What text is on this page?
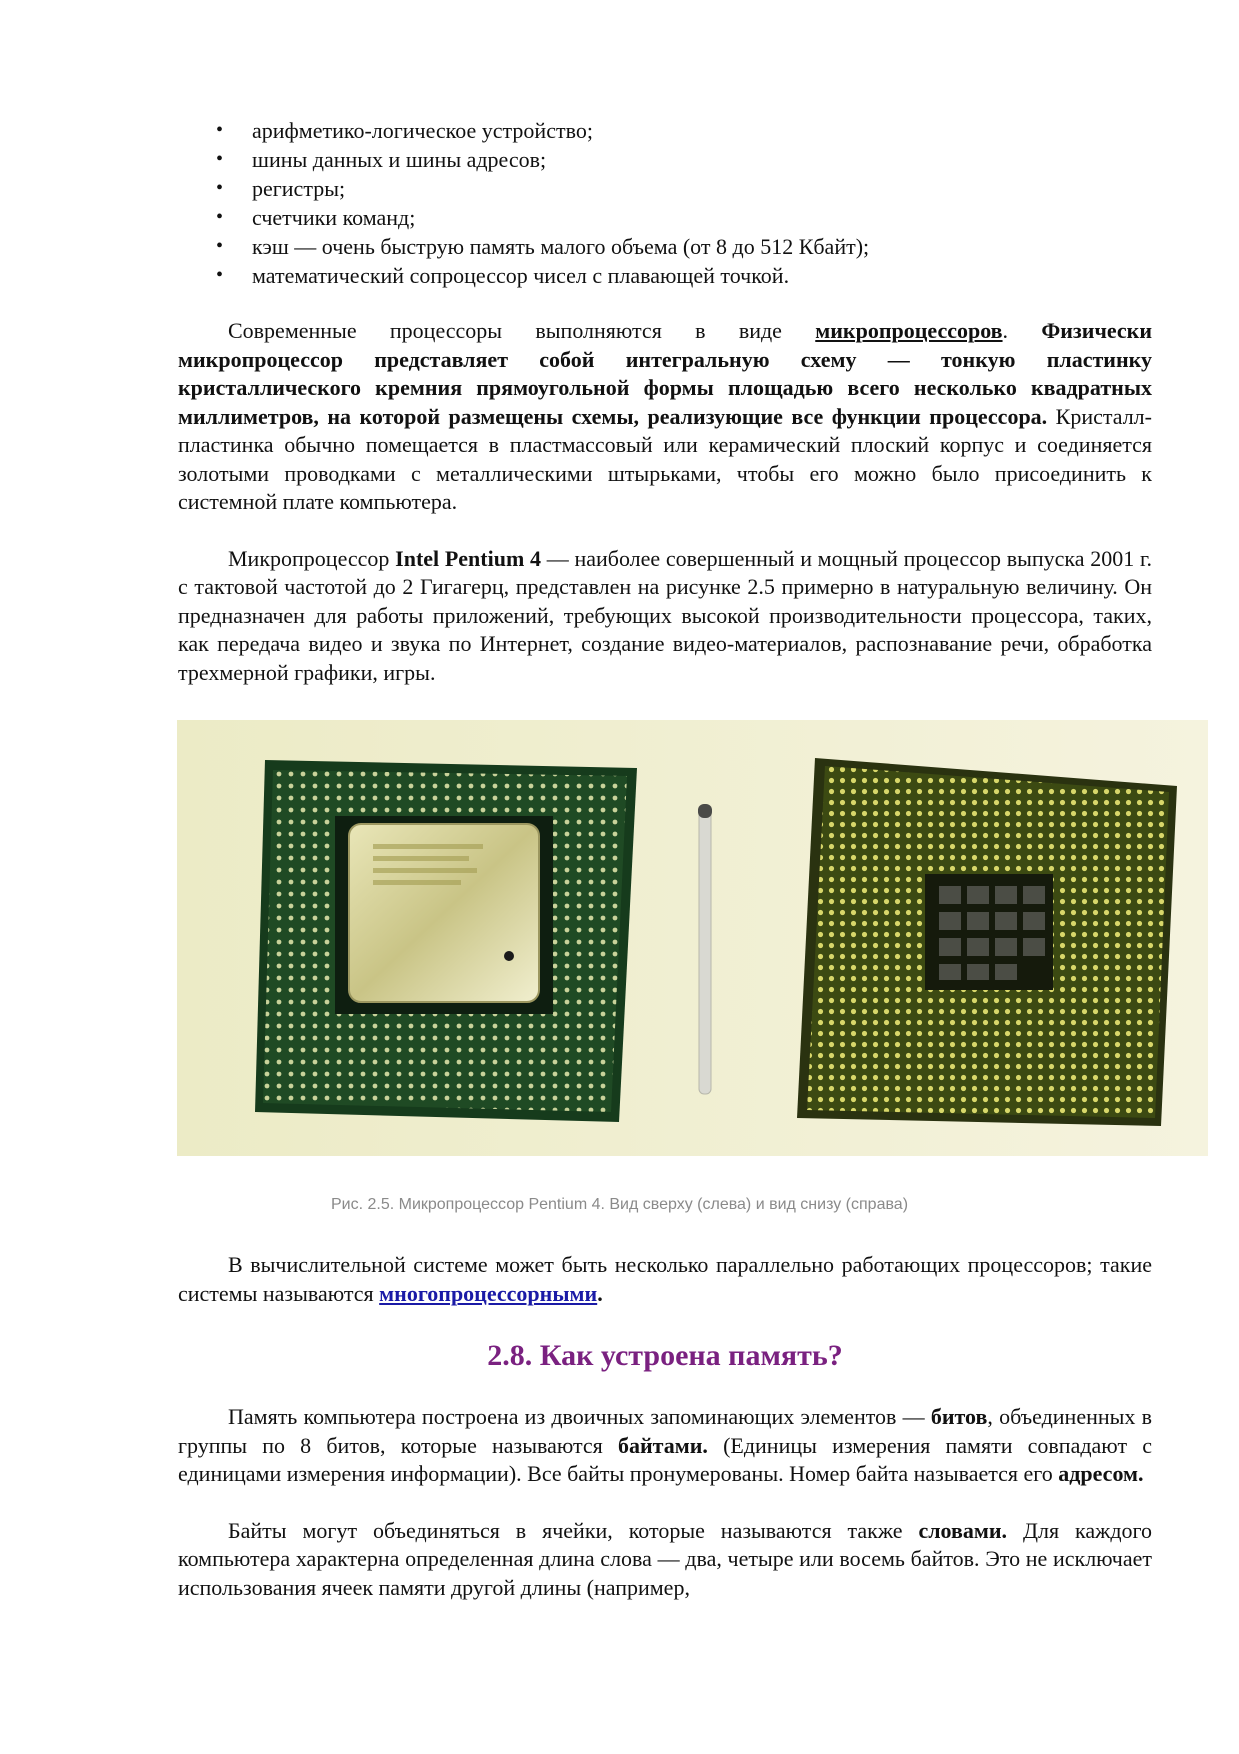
• арифметико-логическое устройство;
• шины данных и шины адресов;
• регистры;
• счетчики команд;
• кэш — очень быструю память малого объема (от 8 до 512 Кбайт);
• математический сопроцессор чисел с плавающей точкой.

Современные процессоры выполняются в виде микропроцессоров. Физически микропроцессор представляет собой интегральную схему — тонкую пластинку кристаллического кремния прямоугольной формы площадью всего несколько квадратных миллиметров, на которой размещены схемы, реализующие все функции процессора. Кристалл-пластинка обычно помещается в пластмассовый или керамический плоский корпус и соединяется золотыми проводками с металлическими штырьками, чтобы его можно было присоединить к системной плате компьютера.

Микропроцессор Intel Pentium 4 — наиболее совершенный и мощный процессор выпуска 2001 г. с тактовой частотой до 2 Гигагерц, представлен на рисунке 2.5 примерно в натуральную величину. Он предназначен для работы приложений, требующих высокой производительности процессора, таких, как передача видео и звука по Интернет, создание видео-материалов, распознавание речи, обработка трехмерной графики, игры.

Рис. 2.5. Микропроцессор Pentium 4. Вид сверху (слева) и вид снизу (справа)

В вычислительной системе может быть несколько параллельно работающих процессоров; такие системы называются многопроцессорными.

2.8. Как устроена память?

Память компьютера построена из двоичных запоминающих элементов — битов, объединенных в группы по 8 битов, которые называются байтами. (Единицы измерения памяти совпадают с единицами измерения информации). Все байты пронумерованы. Номер байта называется его адресом.

Байты могут объединяться в ячейки, которые называются также словами. Для каждого компьютера характерна определенная длина слова — два, четыре или восемь байтов. Это не исключает использования ячеек памяти другой длины (например,
